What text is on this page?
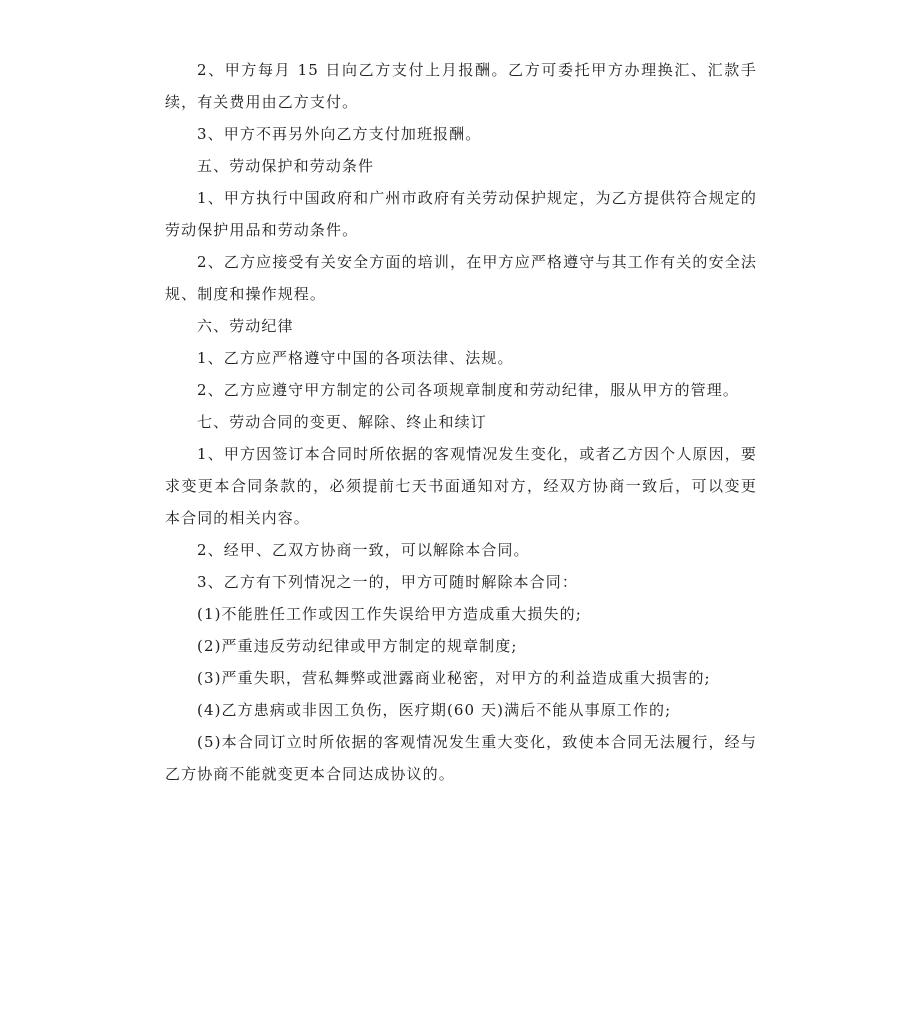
2、甲方每月 15 日向乙方支付上月报酬。乙方可委托甲方办理换汇、汇款手续，有关费用由乙方支付。

3、甲方不再另外向乙方支付加班报酬。

五、劳动保护和劳动条件

1、甲方执行中国政府和广州市政府有关劳动保护规定，为乙方提供符合规定的劳动保护用品和劳动条件。

2、乙方应接受有关安全方面的培训，在甲方应严格遵守与其工作有关的安全法规、制度和操作规程。

六、劳动纪律

1、乙方应严格遵守中国的各项法律、法规。

2、乙方应遵守甲方制定的公司各项规章制度和劳动纪律，服从甲方的管理。

七、劳动合同的变更、解除、终止和续订

1、甲方因签订本合同时所依据的客观情况发生变化，或者乙方因个人原因，要求变更本合同条款的，必须提前七天书面通知对方，经双方协商一致后，可以变更本合同的相关内容。

2、经甲、乙双方协商一致，可以解除本合同。

3、乙方有下列情况之一的，甲方可随时解除本合同：

(1)不能胜任工作或因工作失误给甲方造成重大损失的;

(2)严重违反劳动纪律或甲方制定的规章制度;

(3)严重失职，营私舞弊或泄露商业秘密，对甲方的利益造成重大损害的;

(4)乙方患病或非因工负伤，医疗期(60 天)满后不能从事原工作的;

(5)本合同订立时所依据的客观情况发生重大变化，致使本合同无法履行，经与乙方协商不能就变更本合同达成协议的。
